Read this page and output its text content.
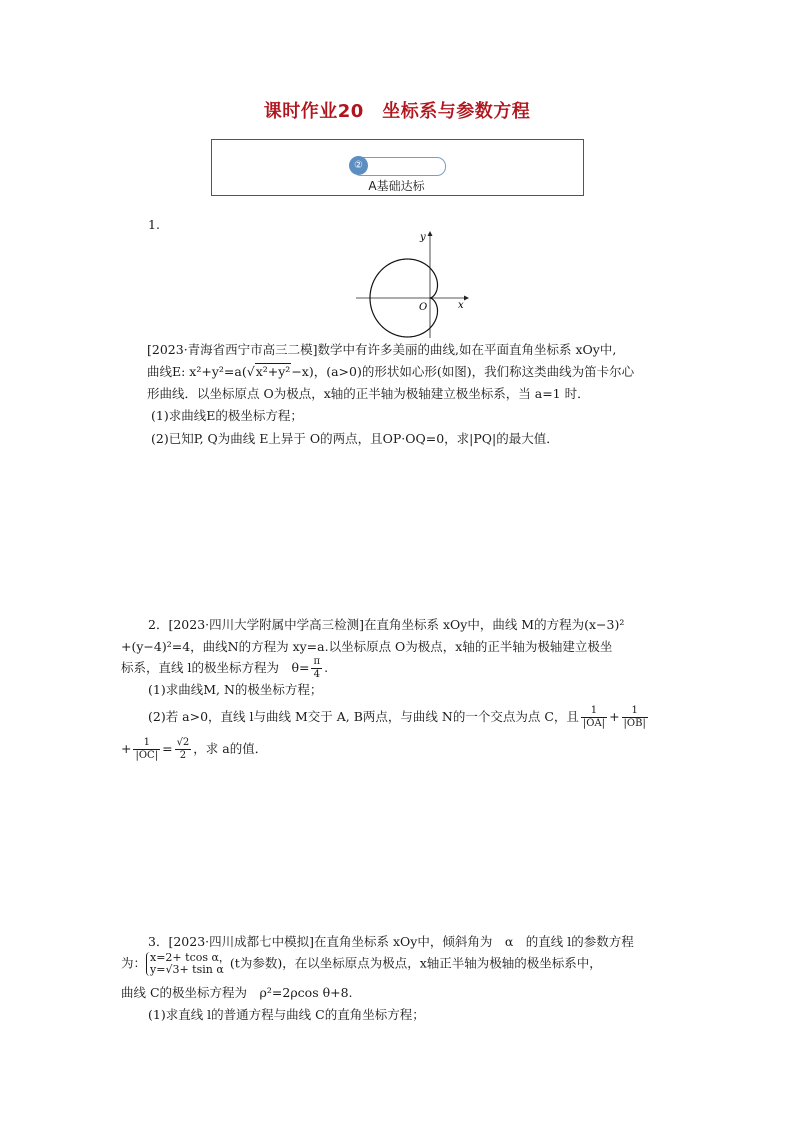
课时作业20　坐标系与参数方程
②
A基础达标
1.
y
x
O
[2023·青海省西宁市高三二模]数学中有许多美丽的曲线,如在平面直角坐标系 xOy中,
曲线E: x²+y²=a(√x²+y²−x)，(a>0)的形状如心形(如图)，我们称这类曲线为笛卡尔心
形曲线．以坐标原点 O为极点，x轴的正半轴为极轴建立极坐标系，当 a=1 时．
(1)求曲线E的极坐标方程；
(2)已知P, Q为曲线 E上异于 O的两点，且OP·OQ=0，求|PQ|的最大值．
2．[2023·四川大学附属中学高三检测]在直角坐标系 xOy中，曲线 M的方程为(x−3)²
+(y−4)²=4，曲线N的方程为 xy=a.以坐标原点 O为极点，x轴的正半轴为极轴建立极坐
标系，直线 l的极坐标方程为　$\theta= \frac{\pi}{4}$ .
(1)求曲线M, N的极坐标方程；
(2)若 a>0，直线 l与曲线 M交于 A, B两点，与曲线 N的一个交点为点 C，且 $\frac{1}{|OA|} + \frac{1}{|OB|}$
+ $\frac{1}{|OC|} = \frac{√2}{2}$ ，求 a的值．
3．[2023·四川成都七中模拟]在直角坐标系 xOy中，倾斜角为　α　的直线 l的参数方程
为： x=2+ tcos α，
y=√3+ tsin α (t为参数)，在以坐标原点为极点，x轴正半轴为极轴的极坐标系中，
曲线 C的极坐标方程为　ρ²=2ρcos θ+8.
(1)求直线 l的普通方程与曲线 C的直角坐标方程；
